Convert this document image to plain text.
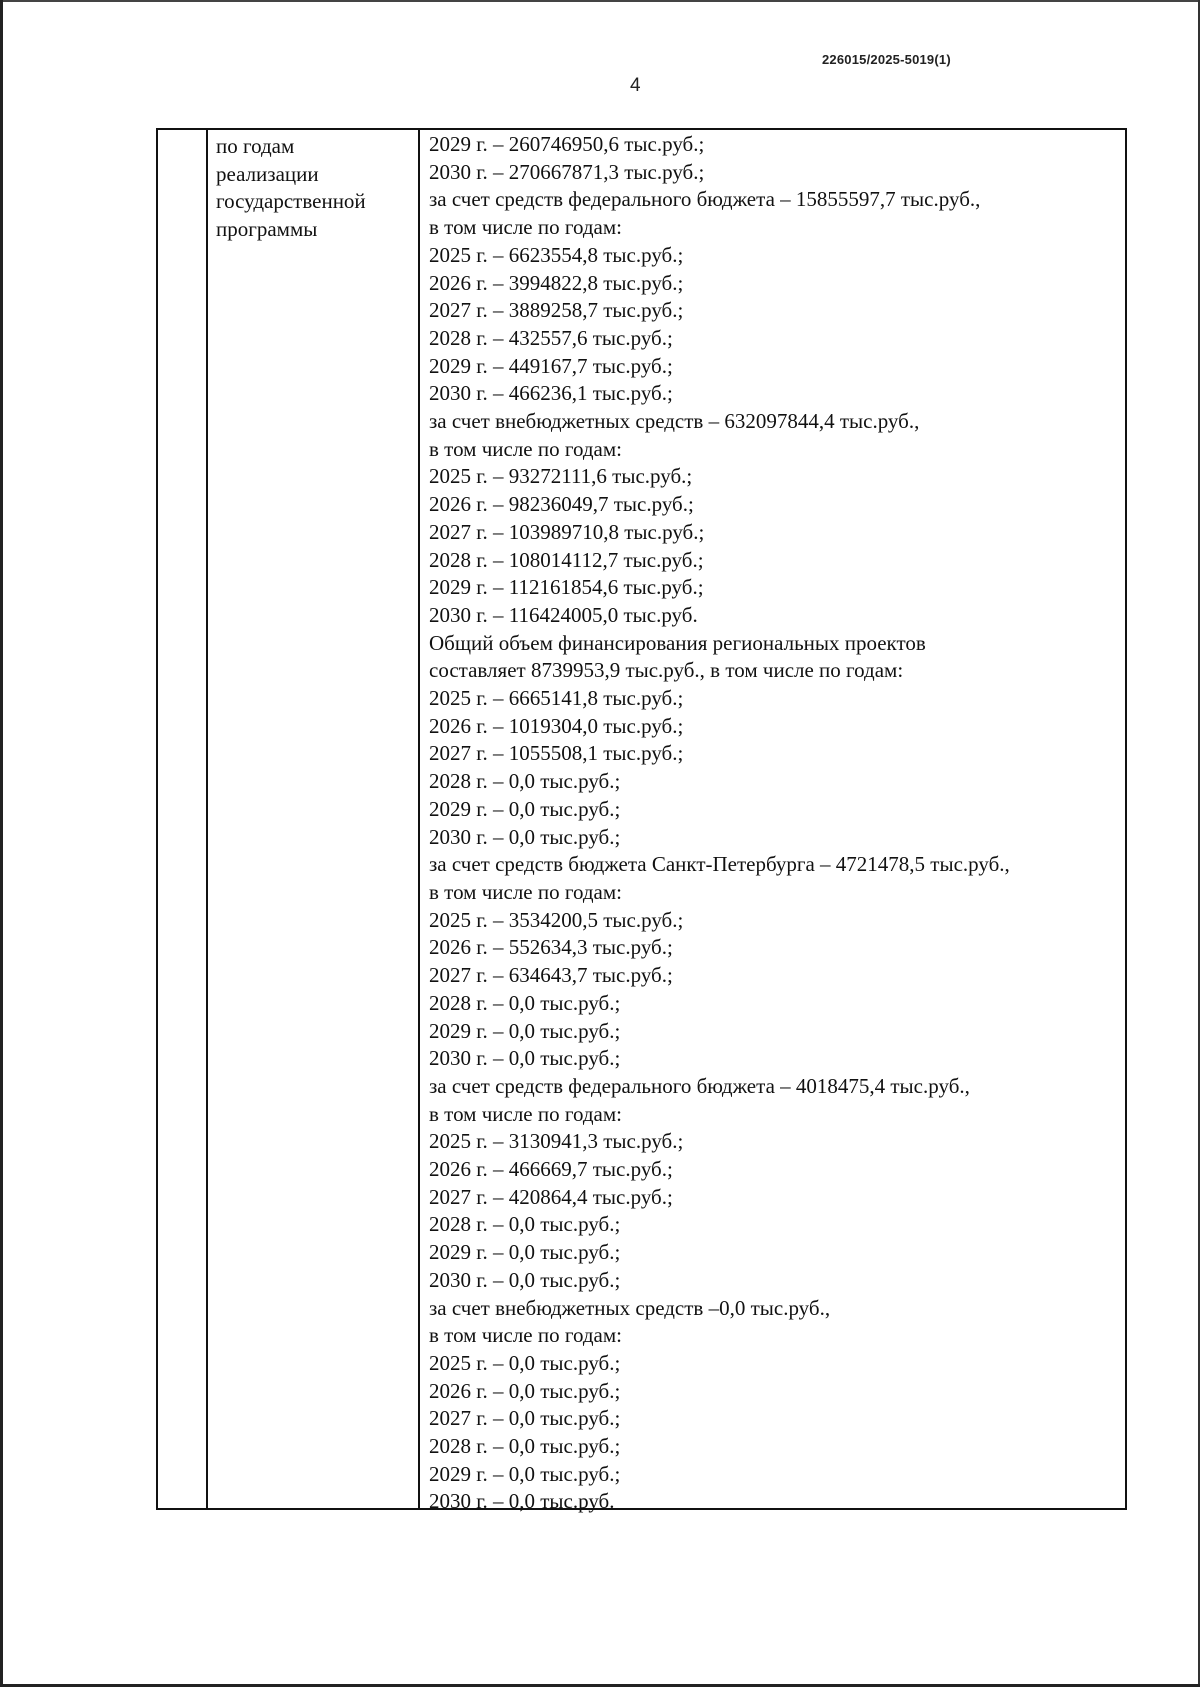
226015/2025-5019(1)
4
по годам
реализации
государственной
программы
2029 г. – 260746950,6 тыс.руб.;
2030 г. – 270667871,3 тыс.руб.;
за счет средств федерального бюджета – 15855597,7 тыс.руб.,
в том числе по годам:
2025 г. – 6623554,8 тыс.руб.;
2026 г. – 3994822,8 тыс.руб.;
2027 г. – 3889258,7 тыс.руб.;
2028 г. – 432557,6 тыс.руб.;
2029 г. – 449167,7 тыс.руб.;
2030 г. – 466236,1 тыс.руб.;
за счет внебюджетных средств – 632097844,4 тыс.руб.,
в том числе по годам:
2025 г. – 93272111,6 тыс.руб.;
2026 г. – 98236049,7 тыс.руб.;
2027 г. – 103989710,8 тыс.руб.;
2028 г. – 108014112,7 тыс.руб.;
2029 г. – 112161854,6 тыс.руб.;
2030 г. – 116424005,0 тыс.руб.
Общий объем финансирования региональных проектов
составляет 8739953,9 тыс.руб., в том числе по годам:
2025 г. – 6665141,8 тыс.руб.;
2026 г. – 1019304,0 тыс.руб.;
2027 г. – 1055508,1 тыс.руб.;
2028 г. – 0,0 тыс.руб.;
2029 г. – 0,0 тыс.руб.;
2030 г. – 0,0 тыс.руб.;
за счет средств бюджета Санкт-Петербурга – 4721478,5 тыс.руб.,
в том числе по годам:
2025 г. – 3534200,5 тыс.руб.;
2026 г. – 552634,3 тыс.руб.;
2027 г. – 634643,7 тыс.руб.;
2028 г. – 0,0 тыс.руб.;
2029 г. – 0,0 тыс.руб.;
2030 г. – 0,0 тыс.руб.;
за счет средств федерального бюджета – 4018475,4 тыс.руб.,
в том числе по годам:
2025 г. – 3130941,3 тыс.руб.;
2026 г. – 466669,7 тыс.руб.;
2027 г. – 420864,4 тыс.руб.;
2028 г. – 0,0 тыс.руб.;
2029 г. – 0,0 тыс.руб.;
2030 г. – 0,0 тыс.руб.;
за счет внебюджетных средств –0,0 тыс.руб.,
в том числе по годам:
2025 г. – 0,0 тыс.руб.;
2026 г. – 0,0 тыс.руб.;
2027 г. – 0,0 тыс.руб.;
2028 г. – 0,0 тыс.руб.;
2029 г. – 0,0 тыс.руб.;
2030 г. – 0,0 тыс.руб.
